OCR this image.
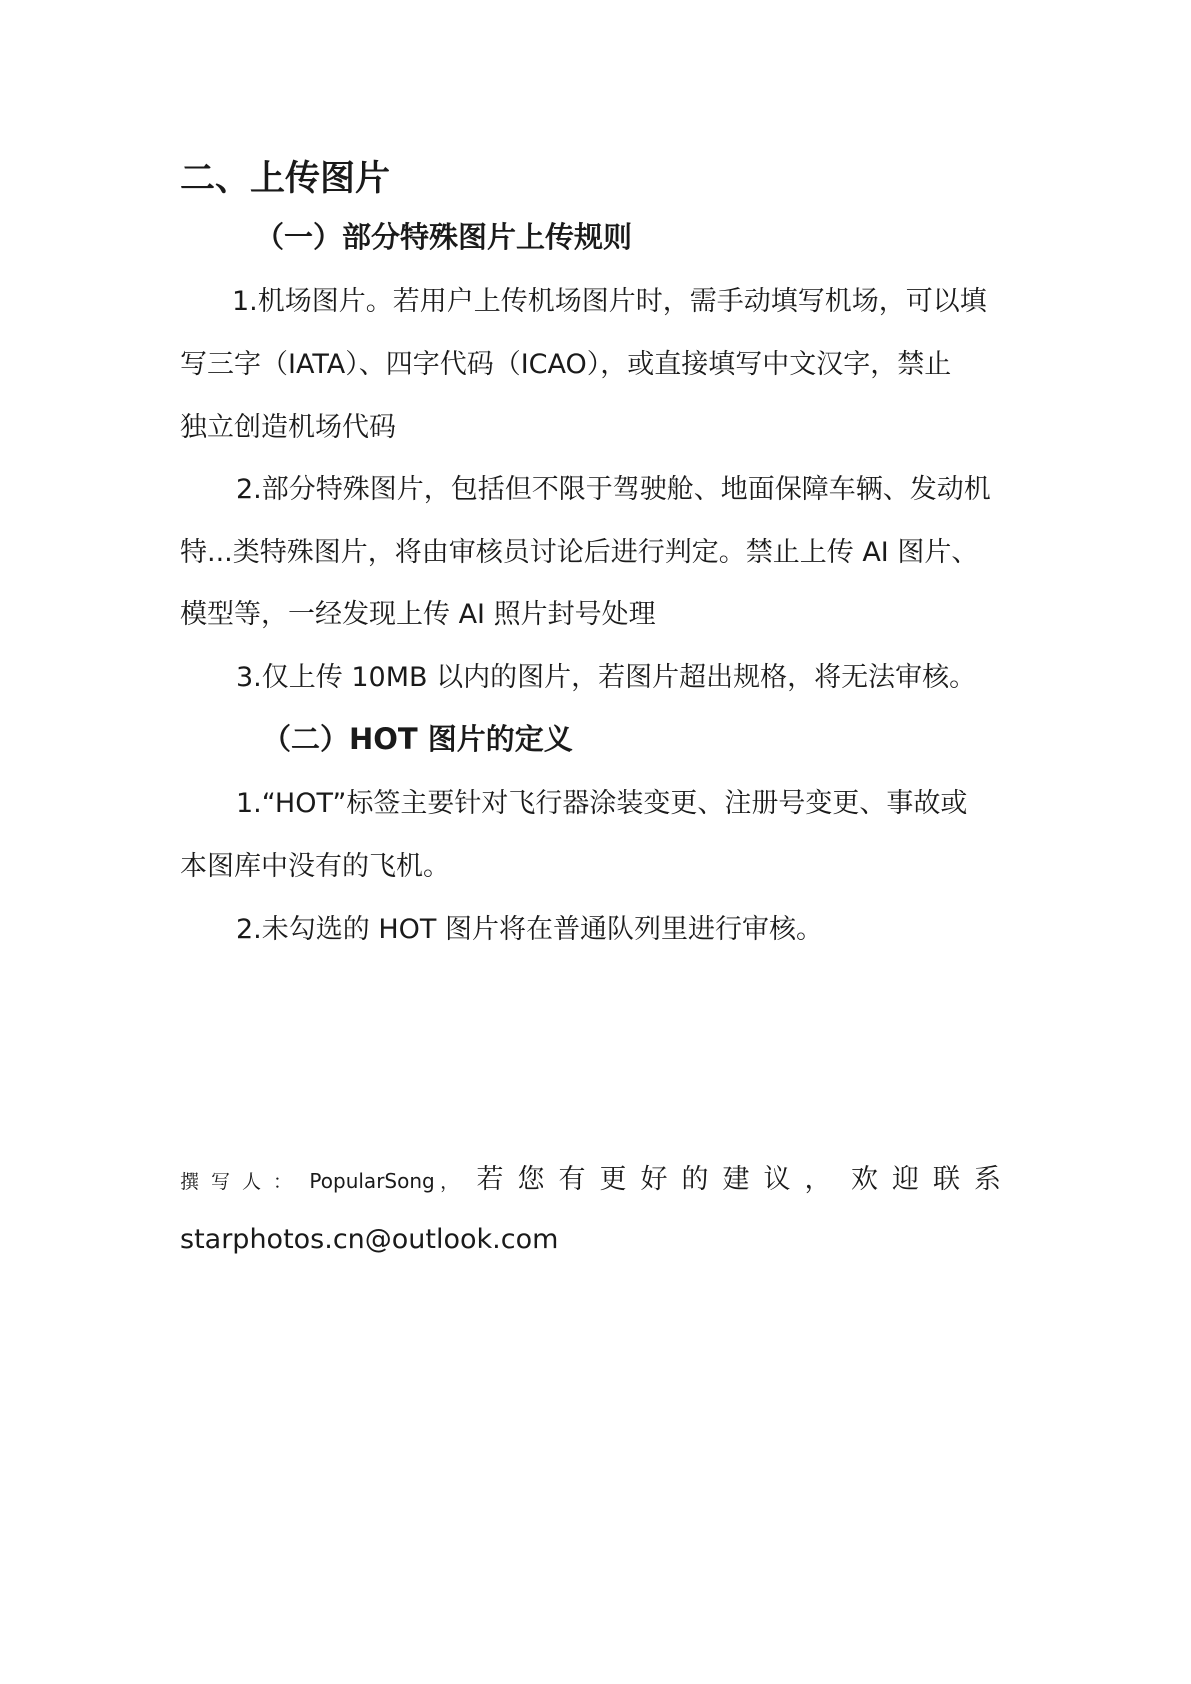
二、上传图片
（一）部分特殊图片上传规则
1.机场图片。若用户上传机场图片时，需手动填写机场，可以填
写三字（IATA）、四字代码（ICAO），或直接填写中文汉字，禁止
独立创造机场代码
2.部分特殊图片，包括但不限于驾驶舱、地面保障车辆、发动机
特...类特殊图片，将由审核员讨论后进行判定。禁止上传 AI 图片、
模型等，一经发现上传 AI 照片封号处理
3.仅上传 10MB 以内的图片，若图片超出规格，将无法审核。
（二）HOT 图片的定义
1.“HOT”标签主要针对飞行器涂装变更、注册号变更、事故或
本图库中没有的飞机。
2.未勾选的 HOT 图片将在普通队列里进行审核。
撰写人： PopularSong ， 若您有更好的建议， 欢迎联系
starphotos.cn@outlook.com
